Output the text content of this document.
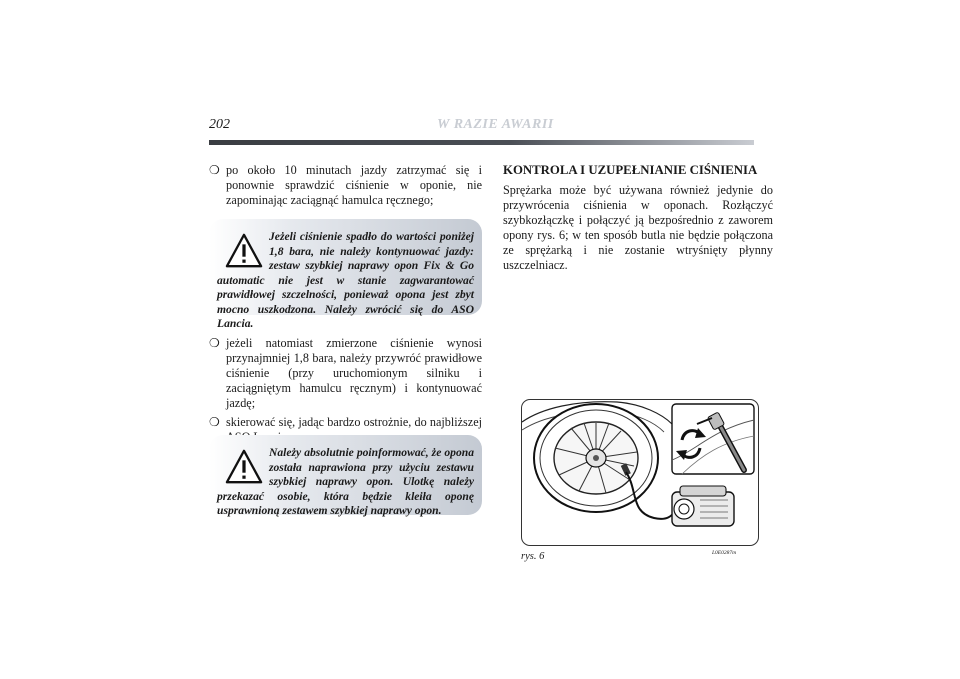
202	W RAZIE AWARII

❍ po około 10 minutach jazdy zatrzymać się i ponownie sprawdzić ciśnienie w oponie, nie zapominając zaciągnąć hamulca ręcznego;

Jeżeli ciśnienie spadło do wartości poniżej 1,8 bara, nie należy kontynuować jazdy: zestaw szybkiej naprawy opon Fix & Go automatic nie jest w stanie zagwarantować prawidłowej szczelności, ponieważ opona jest zbyt mocno uszkodzona. Należy zwrócić się do ASO Lancia.

❍ jeżeli natomiast zmierzone ciśnienie wynosi przynajmniej 1,8 bara, należy przywróć prawidłowe ciśnienie (przy uruchomionym silniku i zaciągniętym hamulcu ręcznym) i kontynuować jazdę;

❍ skierować się, jadąc bardzo ostrożnie, do najbliższej

Należy absolutnie poinformować, że opona została naprawiona przy użyciu zestawu szybkiej naprawy opon. Ulotkę należy przekazać osobie, która będzie kleiła oponę usprawnioną zestawem szybkiej naprawy opon.
KONTROLA I UZUPEŁNIANIE CIŚNIENIA
Sprężarka może być używana również jedynie do przywrócenia ciśnienia w oponach. Rozłączyć szybkozłączkę i połączyć ją bezpośrednio z zaworem opony rys. 6; w ten sposób butla nie będzie połączona ze sprężarką i nie zostanie wtryśnięty płynny uszczelniacz.
rys. 6	L0E0287m
